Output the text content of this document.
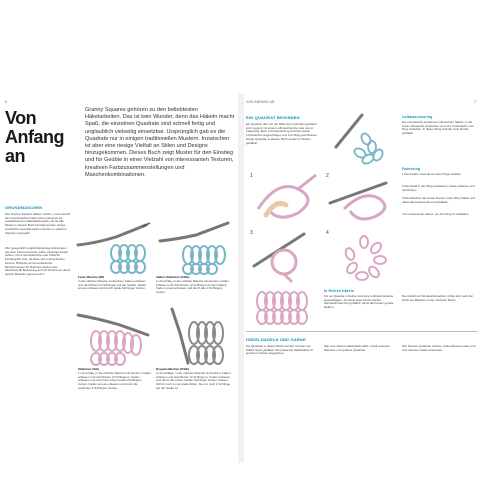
6
Von Anfang an
Granny Squares gehören zu den beliebtesten Häkelarbeiten. Das ist kein Wunder, denn das Häkeln macht Spaß, die einzelnen Quadrate sind schnell fertig und unglaublich vielseitig einsetzbar. Ursprünglich gab es die Quadrate nur in einigen traditionellen Mustern. Inzwischen ist aber eine riesige Vielfalt an Stilen und Designs hinzugekommen. Dieses Buch zeigt Muster für den Einstieg und für Geübte in einer Vielzahl von interessanten Texturen, kreativen Farbzusammenstellungen und Maschenkombinationen.
GRUNDMASCHEN
Wer Granny Squares häkeln möchte, muss sowohl die Grundmaschen beherrschen als auch die standardisierten Häkelfachbegriffe, die für alle Muster in diesem Buch benötigt werden. Einige zusätzliche Spezialmaschen werden in späteren Kapiteln vorgestellt.
Wer gelegentlich englischsprachige Anleitungen aus dem Internet benutzt, sollte unbedingt darauf achten, ob es amerikanische oder britische Fachbegriffe sind, da diese sich unterscheiden können. Britische und amerikanische Bezeichnungen für Maschen weisen eine abweichende Bedeutung auf und bestimmen damit, welche Maschen gemeint sind.
Feste Masche (fM)
In die nächste Masche einstechen, Faden erfassen und durchholen (2 Schlingen auf der Nadel). Faden erneut erfassen und durch beide Schlingen ziehen.
halbes Stäbchen (hStb)
1 Umschlag, in die nächste Masche einstechen, Faden erfassen und durchholen (3 Schlingen auf der Nadel). Faden erneut erfassen und durch alle 3 Schlingen ziehen.
Stäbchen (Stb)
1 Umschlag, in die nächste Masche einstechen, Faden erfassen und durchholen (3 Schlingen). Faden erfassen und durch die ersten beiden Schlingen ziehen. Faden erneut erfassen und durch die restlichen 2 Schlingen ziehen.
Doppelstäbchen (DStb)
2 Umschläge, in die nächste Masche einstechen, Faden erfassen und durchholen (4 Schlingen). Faden erfassen und durch die ersten beiden Schlingen ziehen. Diesen Schritt noch 2-mal wiederholen, bis nur noch 1 Schlinge auf der Nadel ist.
VON ANFANG AN	7
EIN QUADRAT BEGINNEN
Ein Quadrat, das von der Mitte aus in Runden gehäkelt wird, beginnt mit einem Luftmaschenring oder einem Fadenring. Beim Luftmaschenring wird eine Reihe Luftmaschen angeschlagen und zum Ring geschlossen. Einige Quadrate in diesem Buch werden in Reihen gehäkelt.
Luftmaschenring
Die erforderliche Anzahl an Luftmaschen häkeln. In die erste Luftmasche einstechen und mit 1 Kettmasche zum Ring schließen. In diesen Ring wird die erste Runde gehäkelt.
1	2
3	4
Fadenring
1 Den Faden zweimal um zwei Finger wickeln.
2 Die Nadel in den Ring einstechen, Faden erfassen und durchholen.
3 Die Maschen der ersten Runde in den Ring häkeln und dabei das Fadenende mit einhäkeln.
4 Am Fadenende ziehen, um den Ring zu schließen.
In Reihen häkeln
Für ein Quadrat in Reihen wird eine Luftmaschenkette angeschlagen. Am Ende jeder Reihe werden Wendeluftmaschen gehäkelt, damit die Kanten gerade bleiben.
Die Anzahl der Wendeluftmaschen richtet sich nach der Höhe der Maschen in der nächsten Reihe.
HÄKELNADELN UND GARNE
Die Quadrate in diesem Buch wurden mit Garn der Stärke Sport gehäkelt. Die passende Nadelstärke ist jeweils im Muster angegeben.
Wer eine dickere Häkelnadel wählt, erhält lockerere Maschen und größere Quadrate.
Wer kleinere Quadrate möchte, sollte dünneres Garn und eine dünnere Nadel verwenden.
